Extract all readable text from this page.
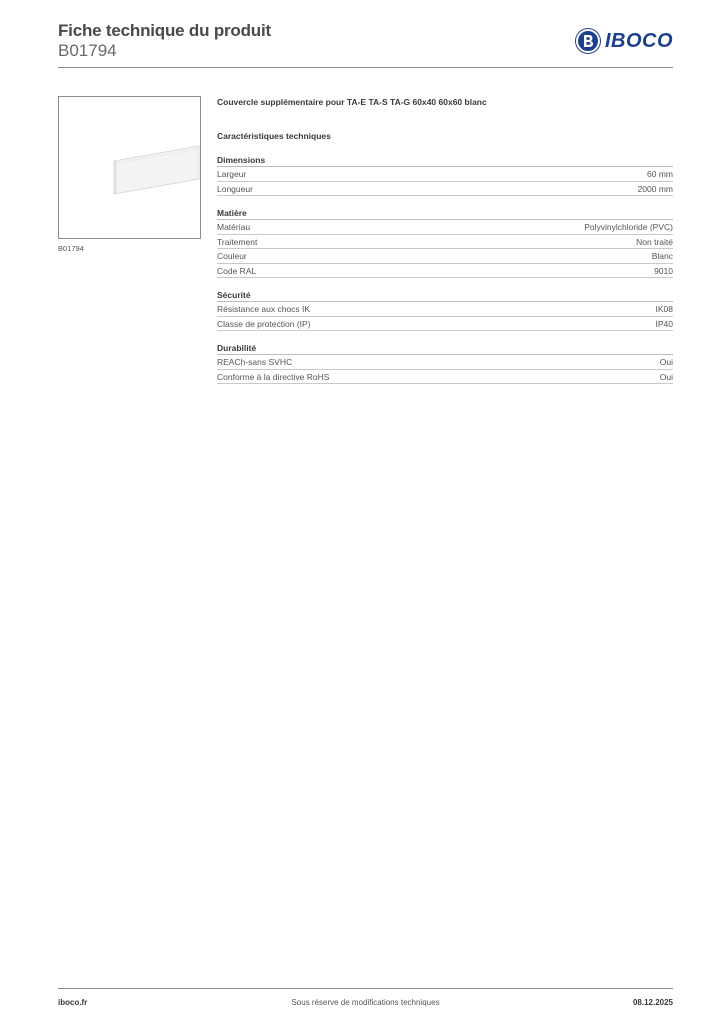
Fiche technique du produit
B01794	IBOCO
B01794
Couvercle supplémentaire pour TA-E TA-S TA-G 60x40 60x60 blanc
Caractéristiques techniques
Dimensions
Largeur	60 mm
Longueur	2000 mm
Matière
Matériau	Polyvinylchloride (PVC)
Traitement	Non traité
Couleur	Blanc
Code RAL	9010
Sécurité
Résistance aux chocs IK	IK08
Classe de protection (IP)	IP40
Durabilité
REACh-sans SVHC	Oui
Conforme à la directive RoHS	Oui
iboco.fr	Sous réserve de modifications techniques	08.12.2025
